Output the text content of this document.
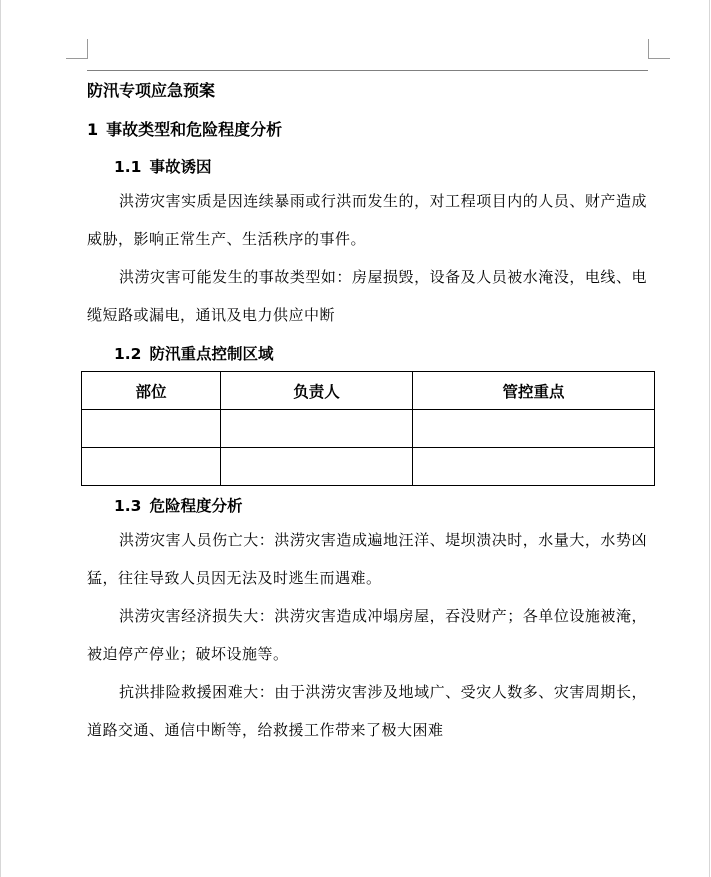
防汛专项应急预案
1 事故类型和危险程度分析
1.1 事故诱因
洪涝灾害实质是因连续暴雨或行洪而发生的，对工程项目内的人员、财产造成威胁，影响正常生产、生活秩序的事件。
洪涝灾害可能发生的事故类型如：房屋损毁，设备及人员被水淹没，电线、电缆短路或漏电，通讯及电力供应中断
1.2 防汛重点控制区域
部位	负责人	管控重点

1.3 危险程度分析
洪涝灾害人员伤亡大：洪涝灾害造成遍地汪洋、堤坝溃决时，水量大，水势凶猛，往往导致人员因无法及时逃生而遇难。
洪涝灾害经济损失大：洪涝灾害造成冲塌房屋，吞没财产；各单位设施被淹，被迫停产停业；破坏设施等。
抗洪排险救援困难大：由于洪涝灾害涉及地域广、受灾人数多、灾害周期长，道路交通、通信中断等，给救援工作带来了极大困难
